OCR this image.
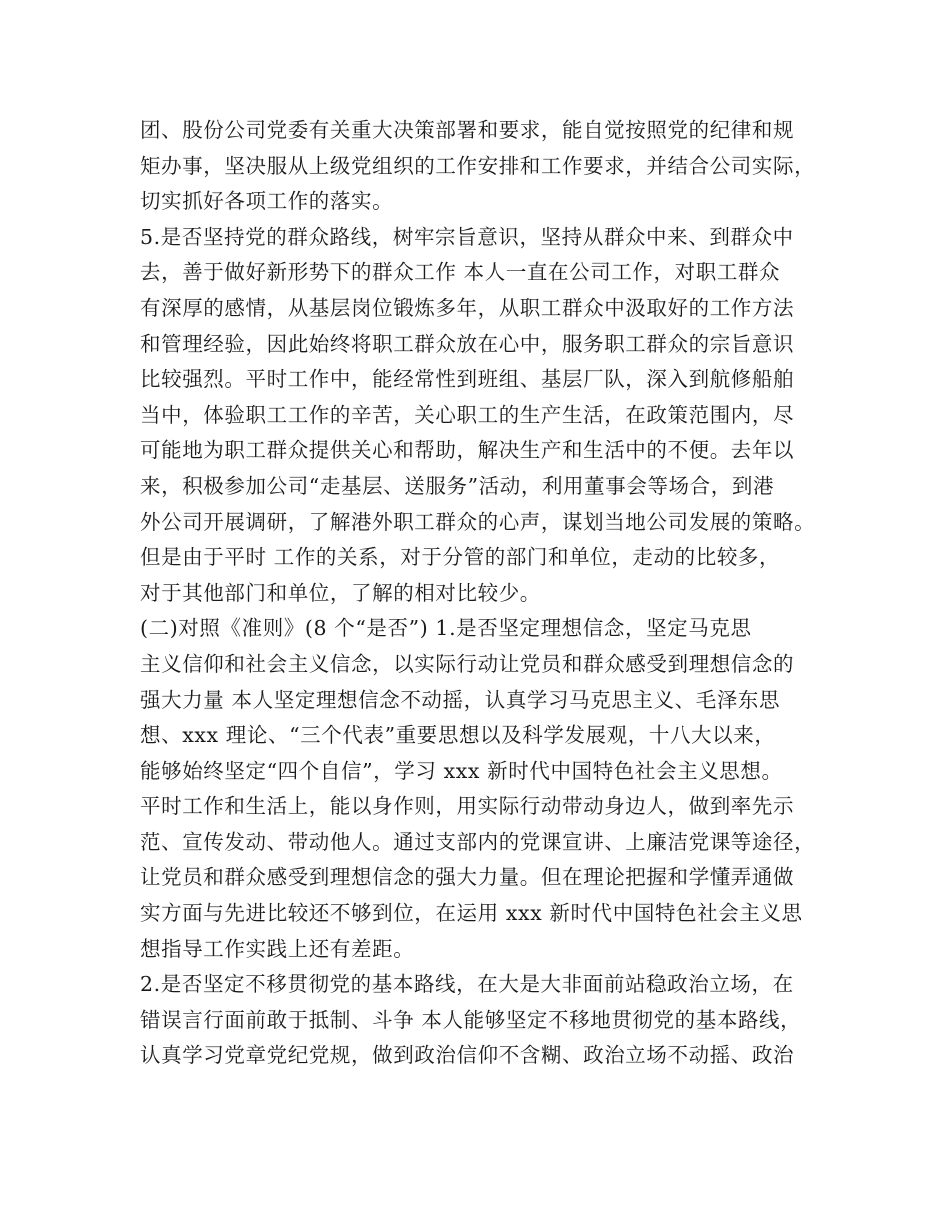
团、股份公司党委有关重大决策部署和要求，能自觉按照党的纪律和规
矩办事，坚决服从上级党组织的工作安排和工作要求，并结合公司实际，
切实抓好各项工作的落实。
5.是否坚持党的群众路线，树牢宗旨意识，坚持从群众中来、到群众中
去，善于做好新形势下的群众工作 本人一直在公司工作，对职工群众
有深厚的感情，从基层岗位锻炼多年，从职工群众中汲取好的工作方法
和管理经验，因此始终将职工群众放在心中，服务职工群众的宗旨意识
比较强烈。平时工作中，能经常性到班组、基层厂队，深入到航修船舶
当中，体验职工工作的辛苦，关心职工的生产生活，在政策范围内，尽
可能地为职工群众提供关心和帮助，解决生产和生活中的不便。去年以
来，积极参加公司“走基层、送服务”活动，利用董事会等场合，到港
外公司开展调研，了解港外职工群众的心声，谋划当地公司发展的策略。
但是由于平时 工作的关系，对于分管的部门和单位，走动的比较多，
对于其他部门和单位，了解的相对比较少。
(二)对照《准则》(8 个“是否”) 1.是否坚定理想信念，坚定马克思
主义信仰和社会主义信念，以实际行动让党员和群众感受到理想信念的
强大力量 本人坚定理想信念不动摇，认真学习马克思主义、毛泽东思
想、xxx 理论、“三个代表”重要思想以及科学发展观，十八大以来，
能够始终坚定“四个自信”，学习 xxx 新时代中国特色社会主义思想。
平时工作和生活上，能以身作则，用实际行动带动身边人，做到率先示
范、宣传发动、带动他人。通过支部内的党课宣讲、上廉洁党课等途径，
让党员和群众感受到理想信念的强大力量。但在理论把握和学懂弄通做
实方面与先进比较还不够到位，在运用 xxx 新时代中国特色社会主义思
想指导工作实践上还有差距。
2.是否坚定不移贯彻党的基本路线，在大是大非面前站稳政治立场，在
错误言行面前敢于抵制、斗争 本人能够坚定不移地贯彻党的基本路线，
认真学习党章党纪党规，做到政治信仰不含糊、政治立场不动摇、政治
